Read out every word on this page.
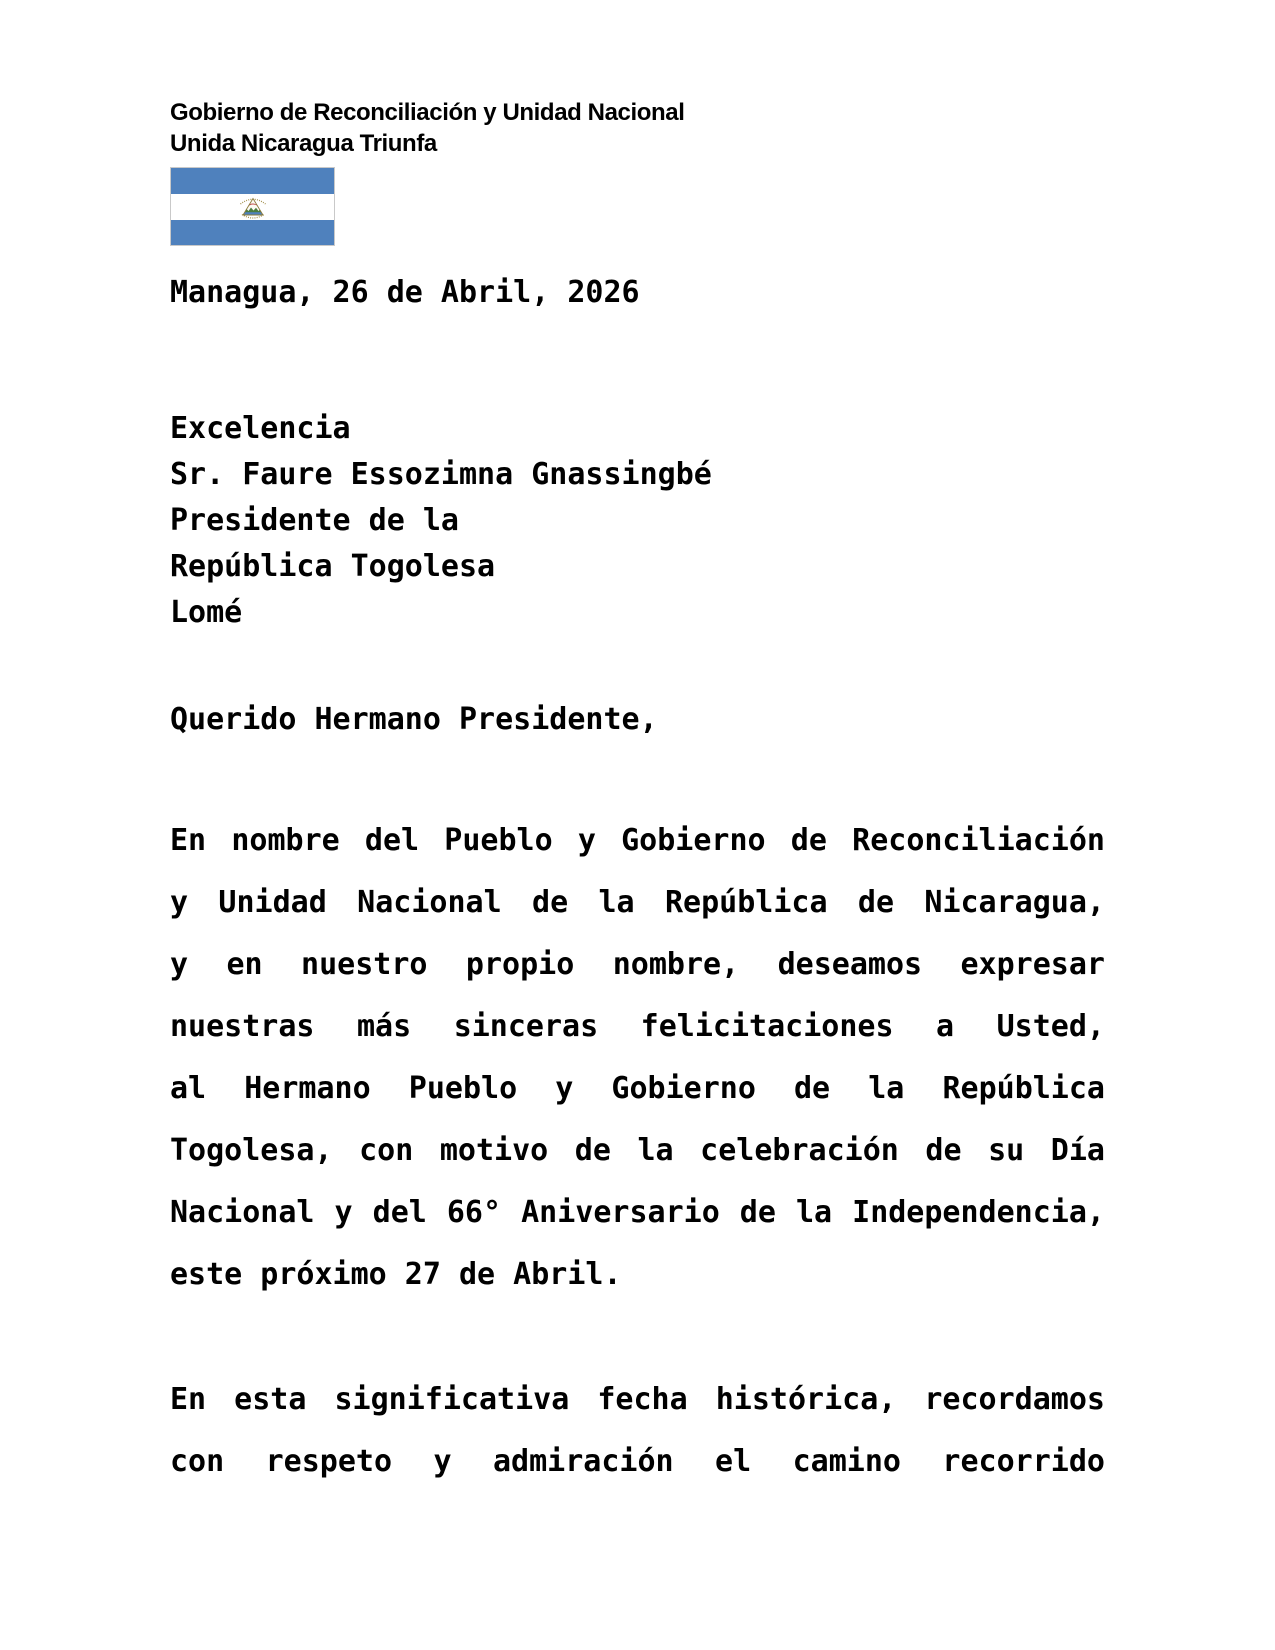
Gobierno de Reconciliación y Unidad Nacional
Unida Nicaragua Triunfa
Managua, 26 de Abril, 2026
Excelencia
Sr. Faure Essozimna Gnassingbé
Presidente de la
República Togolesa
Lomé
Querido Hermano Presidente,
En nombre del Pueblo y Gobierno de Reconciliación
y Unidad Nacional de la República de Nicaragua,
y en nuestro propio nombre, deseamos expresar
nuestras más sinceras felicitaciones a Usted,
al Hermano Pueblo y Gobierno de la República
Togolesa, con motivo de la celebración de su Día
Nacional y del 66° Aniversario de la Independencia,
este próximo 27 de Abril.
En esta significativa fecha histórica, recordamos
con respeto y admiración el camino recorrido
